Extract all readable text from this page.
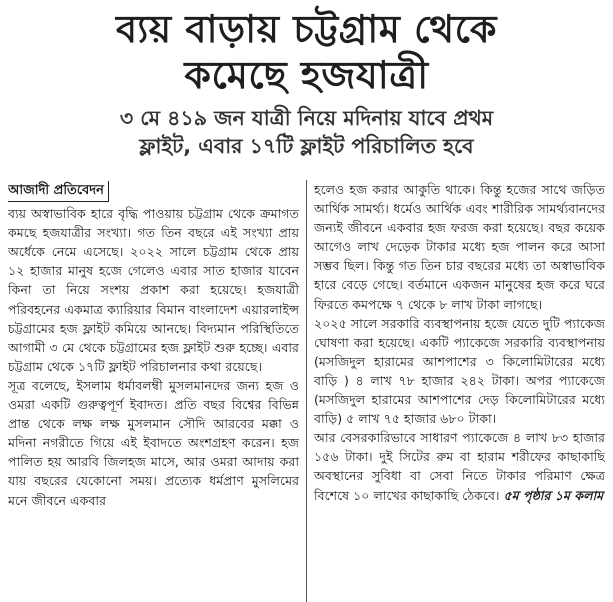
ব্যয় বাড়ায় চট্টগ্রাম থেকে
কমেছে হজযাত্রী
৩ মে ৪১৯ জন যাত্রী নিয়ে মদিনায় যাবে প্রথম
ফ্লাইট, এবার ১৭টি ফ্লাইট পরিচালিত হবে
আজাদী প্রতিবেদন

ব্যয় অস্বাভাবিক হারে বৃদ্ধি পাওয়ায় চট্টগ্রাম থেকে ক্রমাগত কমছে হজযাত্রীর সংখ্যা। গত তিন বছরে এই সংখ্যা প্রায় অর্ধেকে নেমে এসেছে। ২০২২ সালে চট্টগ্রাম থেকে প্রায় ১২ হাজার মানুষ হজে গেলেও এবার সাত হাজার যাবেন কিনা তা নিয়ে সংশয় প্রকাশ করা হয়েছে। হজযাত্রী পরিবহনের একমাত্র ক্যারিয়ার বিমান বাংলাদেশ এয়ারলাইন্স চট্টগ্রামের হজ ফ্লাইট কমিয়ে আনছে। বিদ্যমান পরিস্থিতিতে আগামী ৩ মে থেকে চট্টগ্রামের হজ ফ্লাইট শুরু হচ্ছে। এবার চট্টগ্রাম থেকে ১৭টি ফ্লাইট পরিচালনার কথা রয়েছে।

সূত্র বলেছে, ইসলাম ধর্মাবলম্বী মুসলমানদের জন্য হজ ও ওমরা একটি গুরুত্বপূর্ণ ইবাদত। প্রতি বছর বিশ্বের বিভিন্ন প্রান্ত থেকে লক্ষ লক্ষ মুসলমান সৌদি আরবের মক্কা ও মদিনা নগরীতে গিয়ে এই ইবাদতে অংশগ্রহণ করেন। হজ পালিত হয় আরবি জিলহজ মাসে, আর ওমরা আদায় করা যায় বছরের যেকোনো সময়। প্রত্যেক ধর্মপ্রাণ মুসলিমের মনে জীবনে একবার

হলেও হজ করার আকুতি থাকে। কিন্তু হজের সাথে জড়িত আর্থিক সামর্থ্য। ধর্মেও আর্থিক এবং শারীরিক সামর্থ্যবানদের জন্যই জীবনে একবার হজ ফরজ করা হয়েছে। বছর কয়েক আগেও লাখ দেড়েক টাকার মধ্যে হজ পালন করে আসা সম্ভব ছিল। কিন্তু গত তিন চার বছরের মধ্যে তা অস্বাভাবিক হারে বেড়ে গেছে। বর্তমানে একজন মানুষের হজ করে ঘরে ফিরতে কমপক্ষে ৭ থেকে ৮ লাখ টাকা লাগছে।

২০২৫ সালে সরকারি ব্যবস্থাপনায় হজে যেতে দুটি প্যাকেজ ঘোষণা করা হয়েছে। একটি প্যাকেজে সরকারি ব্যবস্থাপনায় (মসজিদুল হারামের আশপাশের ৩ কিলোমিটারের মধ্যে বাড়ি ) ৪ লাখ ৭৮ হাজার ২৪২ টাকা। অপর প্যাকেজে (মসজিদুল হারামের আশপাশের দেড় কিলোমিটারের মধ্যে বাড়ি) ৫ লাখ ৭৫ হাজার ৬৮০ টাকা।

আর বেসরকারিভাবে সাধারণ প্যাকেজে ৪ লাখ ৮৩ হাজার ১৫৬ টাকা। দুই সিটের রুম বা হারাম শরীফের কাছাকাছি অবস্থানের সুবিধা বা সেবা নিতে টাকার পরিমাণ ক্ষেত্র বিশেষে ১০ লাখের কাছাকাছি ঠেকবে। ৫ম পৃষ্ঠার ১ম কলাম
